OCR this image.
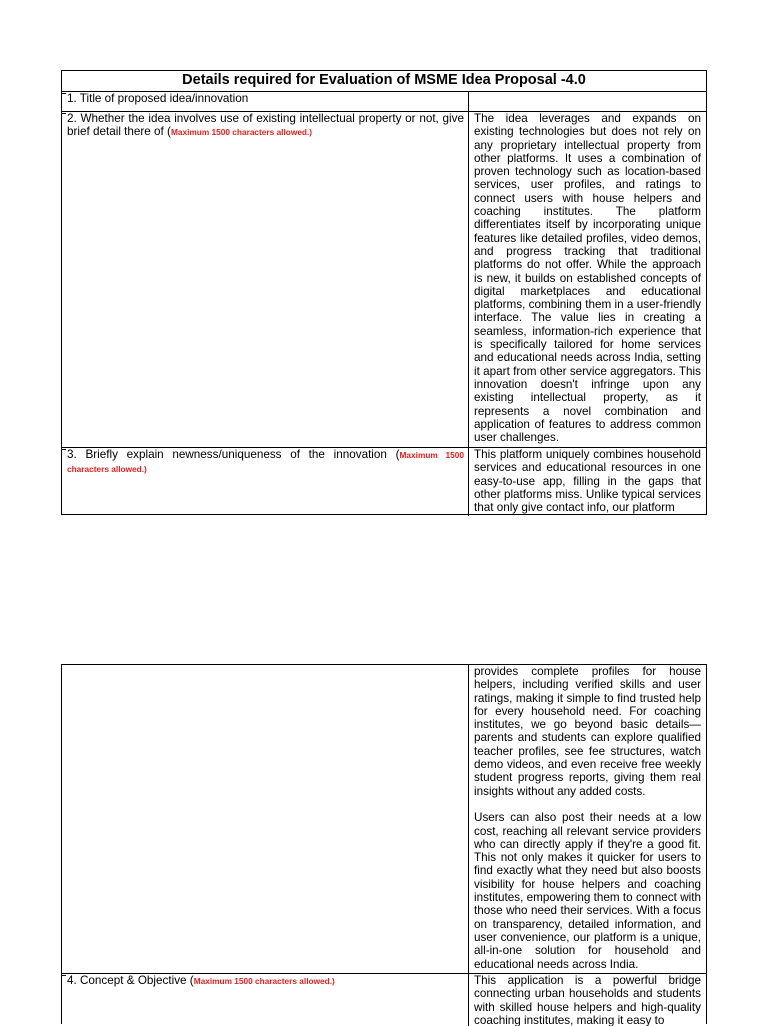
Details required for Evaluation of MSME Idea Proposal -4.0
1. Title of proposed idea/innovation
2. Whether the idea involves use of existing intellectual property or not, give brief detail there of (Maximum 1500 characters allowed.)
The idea leverages and expands on existing technologies but does not rely on any proprietary intellectual property from other platforms. It uses a combination of proven technology such as location-based services, user profiles, and ratings to connect users with house helpers and coaching institutes. The platform differentiates itself by incorporating unique features like detailed profiles, video demos, and progress tracking that traditional platforms do not offer. While the approach is new, it builds on established concepts of digital marketplaces and educational platforms, combining them in a user-friendly interface. The value lies in creating a seamless, information-rich experience that is specifically tailored for home services and educational needs across India, setting it apart from other service aggregators. This innovation doesn't infringe upon any existing intellectual property, as it represents a novel combination and application of features to address common user challenges.
3. Briefly explain newness/uniqueness of the innovation (Maximum 1500 characters allowed.)
This platform uniquely combines household services and educational resources in one easy-to-use app, filling in the gaps that other platforms miss. Unlike typical services that only give contact info, our platform

provides complete profiles for house helpers, including verified skills and user ratings, making it simple to find trusted help for every household need. For coaching institutes, we go beyond basic details—parents and students can explore qualified teacher profiles, see fee structures, watch demo videos, and even receive free weekly student progress reports, giving them real insights without any added costs.

Users can also post their needs at a low cost, reaching all relevant service providers who can directly apply if they're a good fit. This not only makes it quicker for users to find exactly what they need but also boosts visibility for house helpers and coaching institutes, empowering them to connect with those who need their services. With a focus on transparency, detailed information, and user convenience, our platform is a unique, all-in-one solution for household and educational needs across India.

4. Concept & Objective (Maximum 1500 characters allowed.)	This application is a powerful bridge connecting urban households and students with skilled house helpers and high-quality coaching institutes, making it easy to
